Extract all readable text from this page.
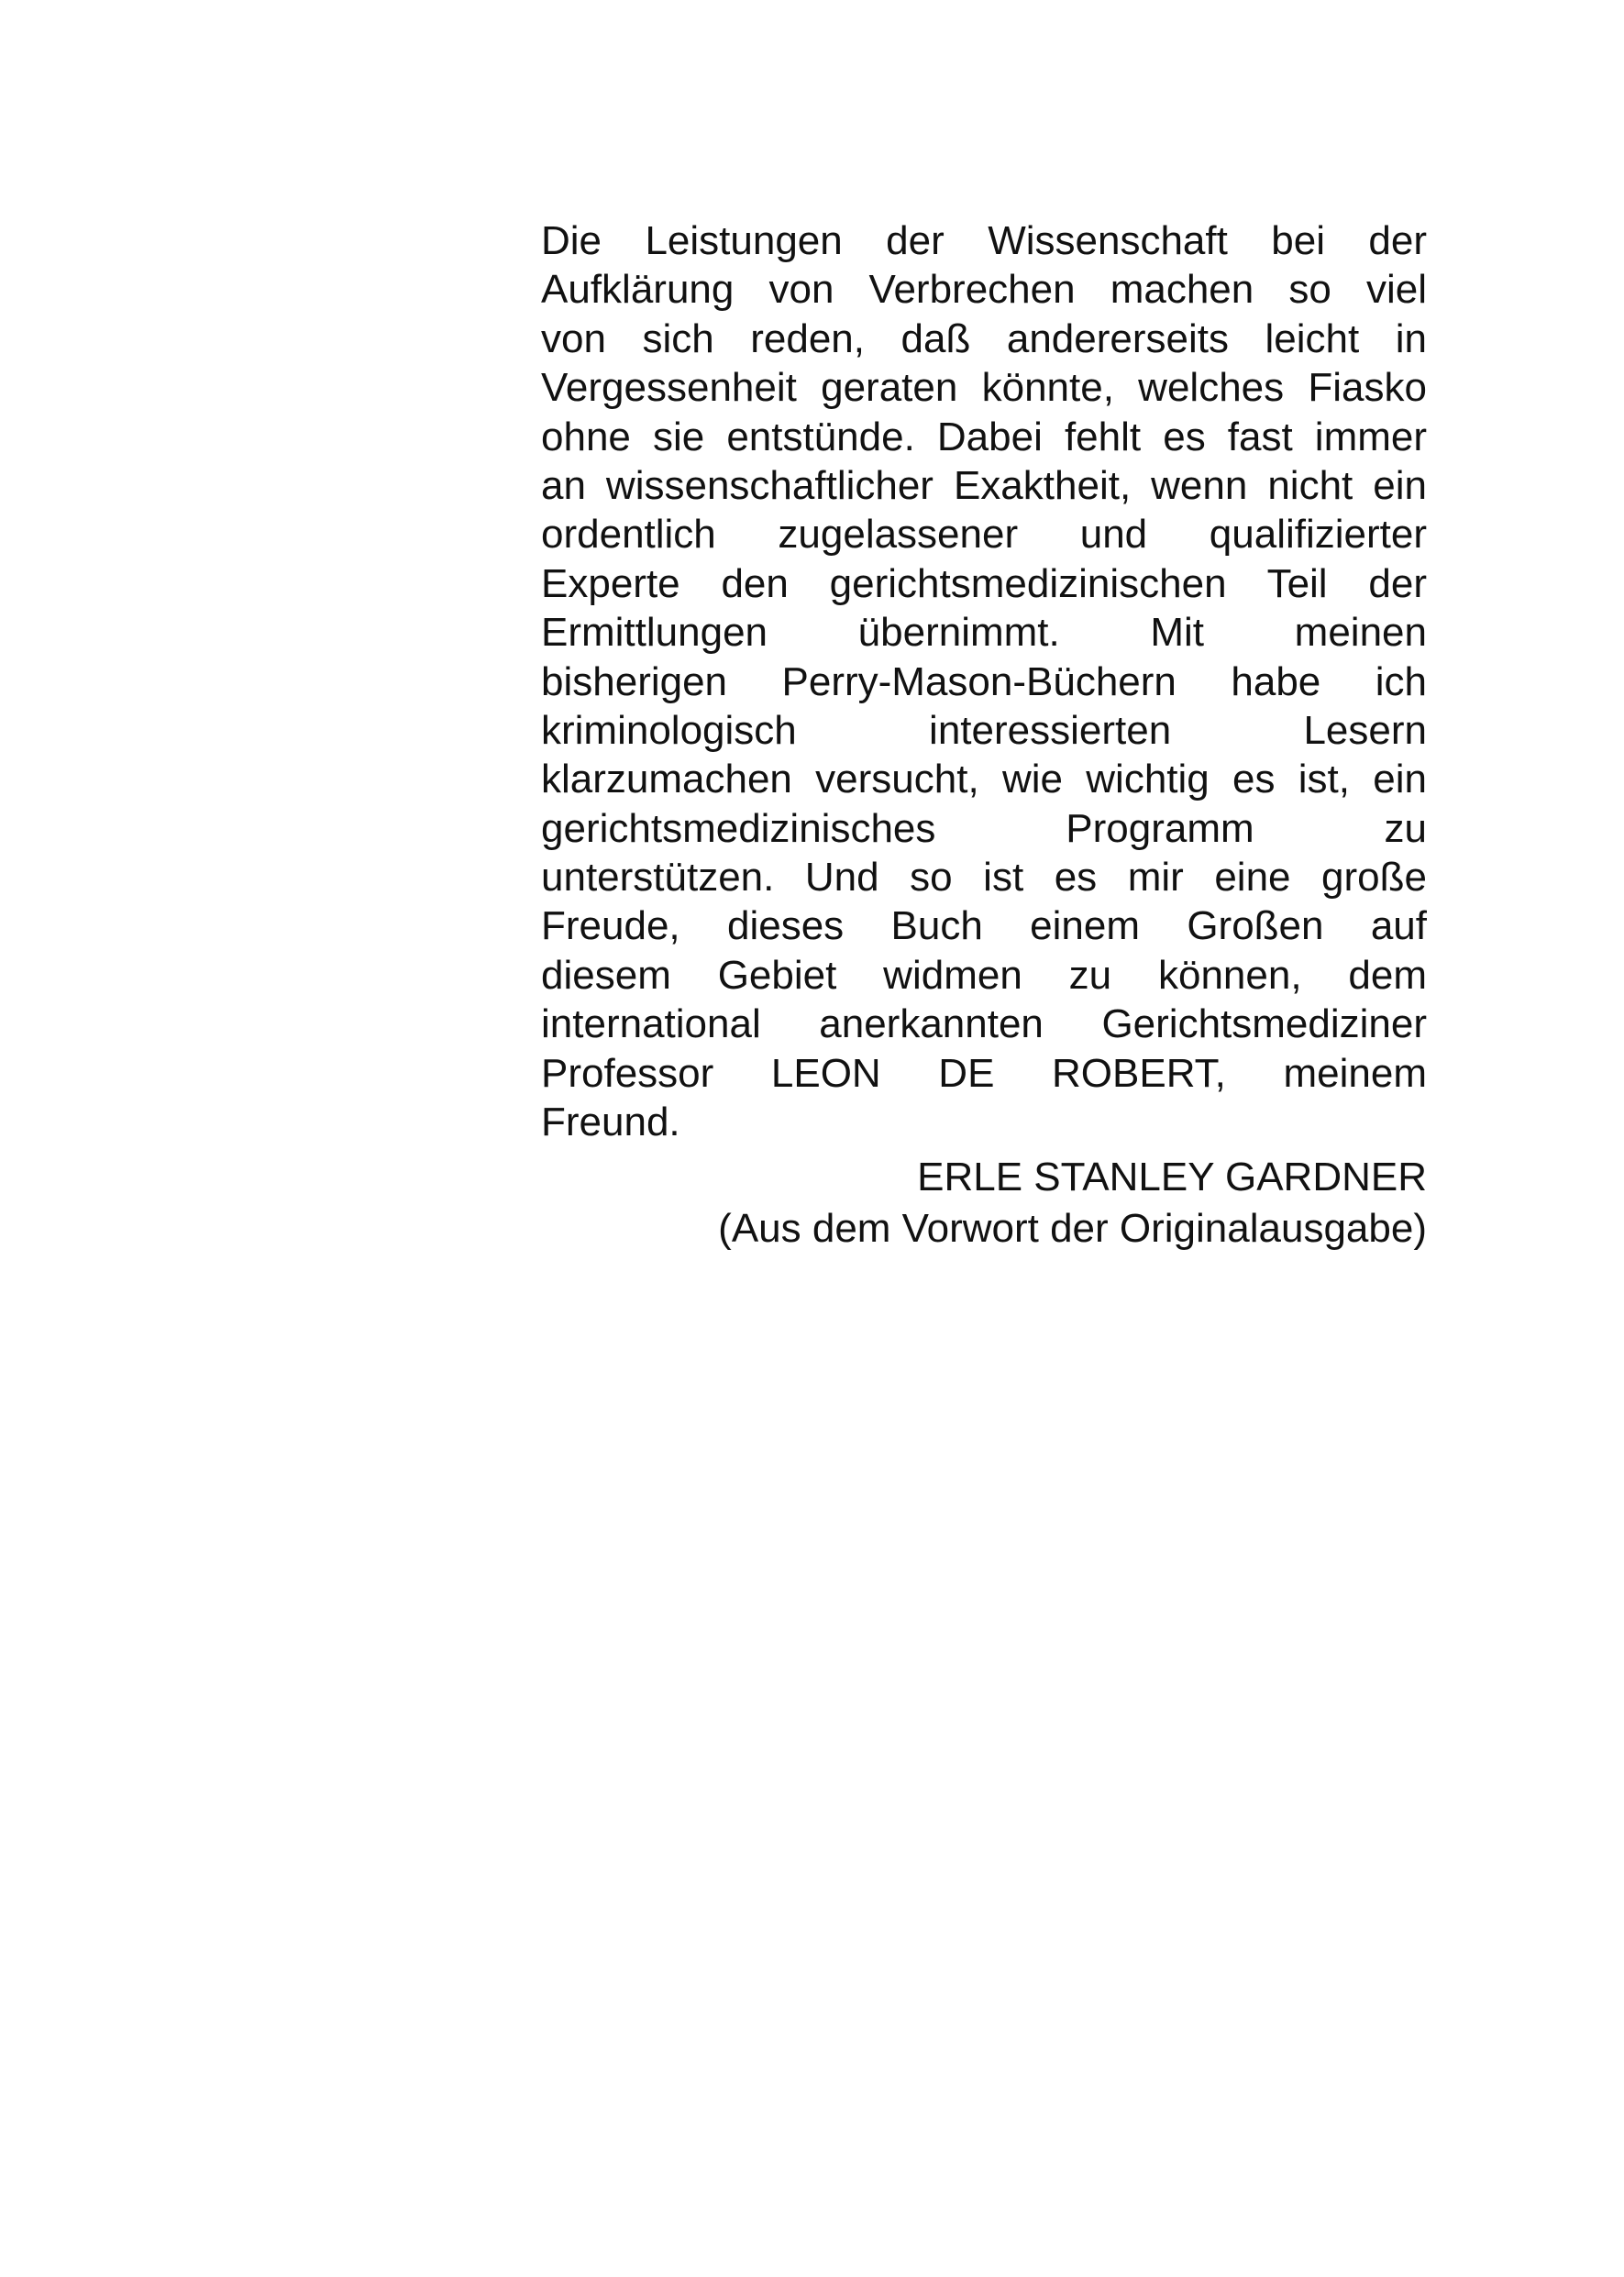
Die Leistungen der Wissenschaft bei der
Aufklärung von Verbrechen machen so viel
von sich reden, daß andererseits leicht in
Vergessenheit geraten könnte, welches Fiasko
ohne sie entstünde. Dabei fehlt es fast immer
an wissenschaftlicher Exaktheit, wenn nicht ein
ordentlich zugelassener und qualifizierter
Experte den gerichtsmedizinischen Teil der
Ermittlungen übernimmt. Mit meinen
bisherigen Perry-Mason-Büchern habe ich
kriminologisch interessierten Lesern
klarzumachen versucht, wie wichtig es ist, ein
gerichtsmedizinisches Programm zu
unterstützen. Und so ist es mir eine große
Freude, dieses Buch einem Großen auf
diesem Gebiet widmen zu können, dem
international anerkannten Gerichtsmediziner
Professor LEON DE ROBERT, meinem
Freund.
ERLE STANLEY GARDNER
(Aus dem Vorwort der Originalausgabe)
